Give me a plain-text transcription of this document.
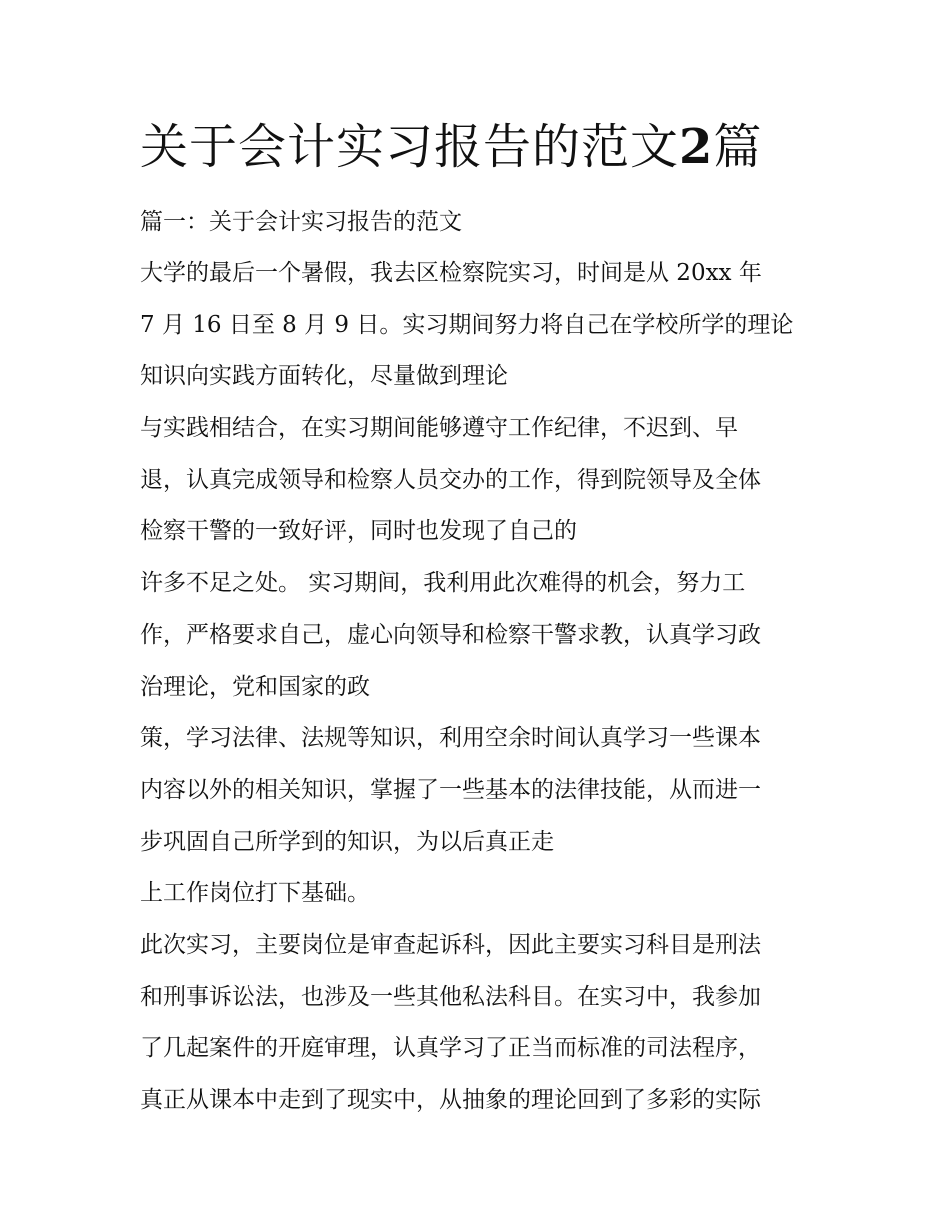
关于会计实习报告的范文2篇
篇一：关于会计实习报告的范文
大学的最后一个暑假，我去区检察院实习，时间是从 20xx 年
7 月 16 日至 8 月 9 日。实习期间努力将自己在学校所学的理论
知识向实践方面转化，尽量做到理论
与实践相结合，在实习期间能够遵守工作纪律，不迟到、早
退，认真完成领导和检察人员交办的工作，得到院领导及全体
检察干警的一致好评，同时也发现了自己的
许多不足之处。 实习期间，我利用此次难得的机会，努力工
作，严格要求自己，虚心向领导和检察干警求教，认真学习政
治理论，党和国家的政
策，学习法律、法规等知识，利用空余时间认真学习一些课本
内容以外的相关知识，掌握了一些基本的法律技能，从而进一
步巩固自己所学到的知识，为以后真正走
上工作岗位打下基础。
此次实习，主要岗位是审查起诉科，因此主要实习科目是刑法
和刑事诉讼法，也涉及一些其他私法科目。在实习中，我参加
了几起案件的开庭审理，认真学习了正当而标准的司法程序，
真正从课本中走到了现实中，从抽象的理论回到了多彩的实际
